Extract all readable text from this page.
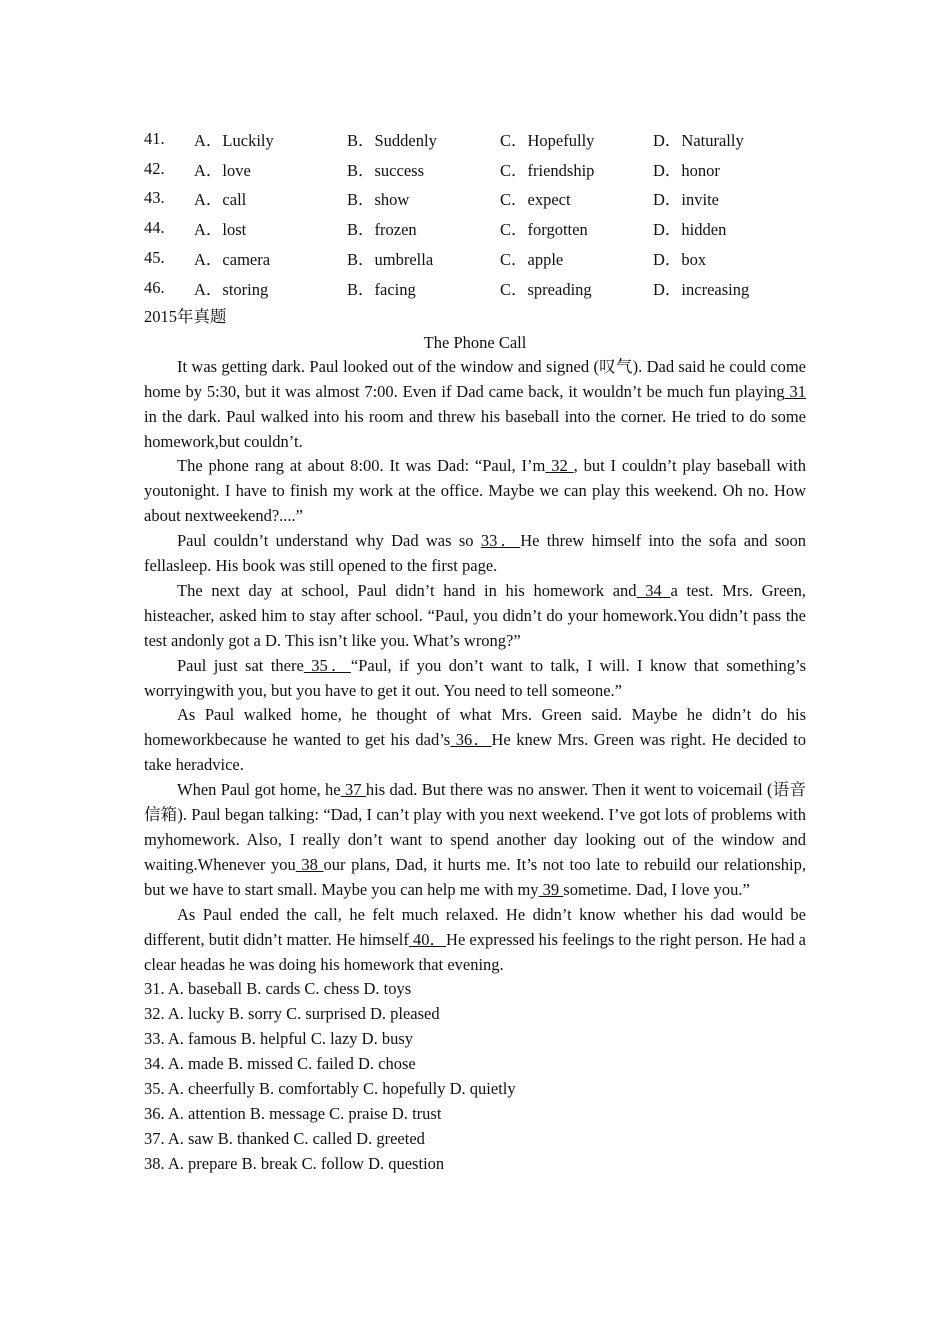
41.	A．Luckily	B．Suddenly	C．Hopefully	D．Naturally
42.	A．love	B．success	C．friendship	D．honor
43.	A．call	B．show	C．expect	D．invite
44.	A．lost	B．frozen	C．forgotten	D．hidden
45.	A．camera	B．umbrella	C．apple	D．box
46.	A．storing	B．facing	C．spreading	D．increasing
2015年真题
The Phone Call

It was getting dark. Paul looked out of the window and signed (叹气). Dad said he could come home by 5:30, but it was almost 7:00. Even if Dad came back, it wouldn’t be much fun playing 31 in the dark. Paul walked into his room and threw his baseball into the corner. He tried to do some homework,but couldn’t.

The phone rang at about 8:00. It was Dad: “Paul, I’m 32 , but I couldn’t play baseball with youtonight. I have to finish my work at the office. Maybe we can play this weekend. Oh no. How about nextweekend?....”

Paul couldn’t understand why Dad was so 33．He threw himself into the sofa and soon fellasleep. His book was still opened to the first page.

The next day at school, Paul didn’t hand in his homework and 34 a test. Mrs. Green, histeacher, asked him to stay after school. “Paul, you didn’t do your homework.You didn’t pass the test andonly got a D. This isn’t like you. What’s wrong?”

Paul just sat there 35．“Paul, if you don’t want to talk, I will. I know that something’s worryingwith you, but you have to get it out. You need to tell someone.”

As Paul walked home, he thought of what Mrs. Green said. Maybe he didn’t do his homeworkbecause he wanted to get his dad’s 36．He knew Mrs. Green was right. He decided to take heradvice.

When Paul got home, he 37 his dad. But there was no answer. Then it went to voicemail (语音信箱). Paul began talking: “Dad, I can’t play with you next weekend. I’ve got lots of problems with myhomework. Also, I really don’t want to spend another day looking out of the window and waiting.Whenever you 38 our plans, Dad, it hurts me. It’s not too late to rebuild our relationship, but we have to start small. Maybe you can help me with my 39 sometime. Dad, I love you.”

As Paul ended the call, he felt much relaxed. He didn’t know whether his dad would be different, butit didn’t matter. He himself 40．He expressed his feelings to the right person. He had a clear headas he was doing his homework that evening.

31. A. baseball B. cards C. chess D. toys

32. A. lucky B. sorry C. surprised D. pleased

33. A. famous B. helpful C. lazy D. busy

34. A. made B. missed C. failed D. chose

35. A. cheerfully B. comfortably C. hopefully D. quietly

36. A. attention B. message C. praise D. trust

37. A. saw B. thanked C. called D. greeted

38. A. prepare B. break C. follow D. question
